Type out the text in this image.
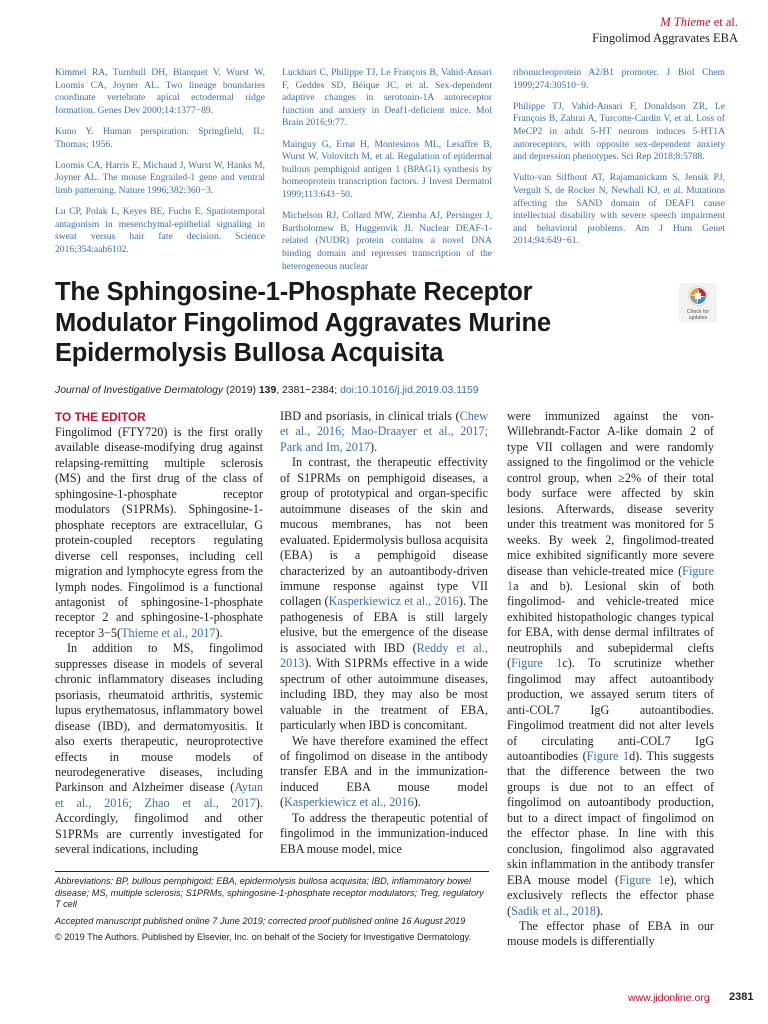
M Thieme et al.
Fingolimod Aggravates EBA

Kimmel RA, Turnbull DH, Blanquet V, Wurst W, Loomis CA, Joyner AL. Two lineage boundaries coordinate vertebrate apical ectodermal ridge formation. Genes Dev 2000;14:1377−89.

Kuno Y. Human perspiration. Springfield, IL: Thomas; 1956.

Loomis CA, Harris E, Michaud J, Wurst W, Hanks M, Joyner AL. The mouse Engrailed-1 gene and ventral limb patterning. Nature 1996;382:360−3.

Lu CP, Polak L, Keyes BE, Fuchs E. Spatiotemporal antagonism in mesenchymal-epithelial signaling in sweat versus hair fate decision. Science 2016;354:aah6102.

Luckhart C, Philippe TJ, Le François B, Vahid-Ansari F, Geddes SD, Béique JC, et al. Sex-dependent adaptive changes in serotonin-1A autoreceptor function and anxiety in Deaf1-deficient mice. Mol Brain 2016;9:77.

Mainguy G, Ernø H, Montesinos ML, Lesaffre B, Wurst W, Volovitch M, et al. Regulation of epidermal bullous pemphigoid antigen 1 (BPAG1) synthesis by homeoprotein transcription factors. J Invest Dermatol 1999;113:643−50.

Michelson RJ, Collard MW, Ziemba AJ, Persinger J, Bartholomew B, Huggenvik JI. Nuclear DEAF-1-related (NUDR) protein contains a novel DNA binding domain and represses transcription of the heterogeneous nuclear

ribonucleoprotein A2/B1 promoter. J Biol Chem 1999;274:30510−9.

Philippe TJ, Vahid-Ansari F, Donaldson ZR, Le François B, Zahrai A, Turcotte-Cardin V, et al. Loss of MeCP2 in adult 5-HT neurons induces 5-HT1A autoreceptors, with opposite sex-dependent anxiety and depression phenotypes. Sci Rep 2018;8:5788.

Vulto-van Silfhout AT, Rajamanickam S, Jensik PJ, Vergult S, de Rocker N, Newhall KJ, et al. Mutations affecting the SAND domain of DEAF1 cause intellectual disability with severe speech impairment and behavioral problems. Am J Hum Genet 2014;94:649−61.

The Sphingosine-1-Phosphate Receptor Modulator Fingolimod Aggravates Murine Epidermolysis Bullosa Acquisita
Check for
updates
Journal of Investigative Dermatology (2019) 139, 2381−2384; doi:10.1016/j.jid.2019.03.1159
TO THE EDITOR

Fingolimod (FTY720) is the first orally available disease-modifying drug against relapsing-remitting multiple sclerosis (MS) and the first drug of the class of sphingosine-1-phosphate receptor modulators (S1PRMs). Sphingosine-1-phosphate receptors are extracellular, G protein-coupled receptors regulating diverse cell responses, including cell migration and lymphocyte egress from the lymph nodes. Fingolimod is a functional antagonist of sphingosine-1-phosphate receptor 2 and sphingosine-1-phosphate receptor 3−5(Thieme et al., 2017).

In addition to MS, fingolimod suppresses disease in models of several chronic inflammatory diseases including psoriasis, rheumatoid arthritis, systemic lupus erythematosus, inflammatory bowel disease (IBD), and dermatomyositis. It also exerts therapeutic, neuroprotective effects in mouse models of neurodegenerative diseases, including Parkinson and Alzheimer disease (Aytan et al., 2016; Zhao et al., 2017). Accordingly, fingolimod and other S1PRMs are currently investigated for several indications, including

IBD and psoriasis, in clinical trials (Chew et al., 2016; Mao-Draayer et al., 2017; Park and Im, 2017).

In contrast, the therapeutic effectivity of S1PRMs on pemphigoid diseases, a group of prototypical and organ-specific autoimmune diseases of the skin and mucous membranes, has not been evaluated. Epidermolysis bullosa acquisita (EBA) is a pemphigoid disease characterized by an autoantibody-driven immune response against type VII collagen (Kasperkiewicz et al., 2016). The pathogenesis of EBA is still largely elusive, but the emergence of the disease is associated with IBD (Reddy et al., 2013). With S1PRMs effective in a wide spectrum of other autoimmune diseases, including IBD, they may also be most valuable in the treatment of EBA, particularly when IBD is concomitant.

We have therefore examined the effect of fingolimod on disease in the antibody transfer EBA and in the immunization-induced EBA mouse model (Kasperkiewicz et al., 2016).

To address the therapeutic potential of fingolimod in the immunization-induced EBA mouse model, mice

were immunized against the von-Willebrandt-Factor A-like domain 2 of type VII collagen and were randomly assigned to the fingolimod or the vehicle control group, when ≥2% of their total body surface were affected by skin lesions. Afterwards, disease severity under this treatment was monitored for 5 weeks. By week 2, fingolimod-treated mice exhibited significantly more severe disease than vehicle-treated mice (Figure 1a and b). Lesional skin of both fingolimod- and vehicle-treated mice exhibited histopathologic changes typical for EBA, with dense dermal infiltrates of neutrophils and subepidermal clefts (Figure 1c). To scrutinize whether fingolimod may affect autoantibody production, we assayed serum titers of anti-COL7 IgG autoantibodies. Fingolimod treatment did not alter levels of circulating anti-COL7 IgG autoantibodies (Figure 1d). This suggests that the difference between the two groups is due not to an effect of fingolimod on autoantibody production, but to a direct impact of fingolimod on the effector phase. In line with this conclusion, fingolimod also aggravated skin inflammation in the antibody transfer EBA mouse model (Figure 1e), which exclusively reflects the effector phase (Sadik et al., 2018).

The effector phase of EBA in our mouse models is differentially

Abbreviations: BP, bullous pemphigoid; EBA, epidermolysis bullosa acquisita; IBD, inflammatory bowel disease; MS, multiple sclerosis; S1PRMs, sphingosine-1-phosphate receptor modulators; Treg, regulatory T cell

Accepted manuscript published online 7 June 2019; corrected proof published online 16 August 2019

© 2019 The Authors. Published by Elsevier, Inc. on behalf of the Society for Investigative Dermatology.

www.jidonline.org 2381
